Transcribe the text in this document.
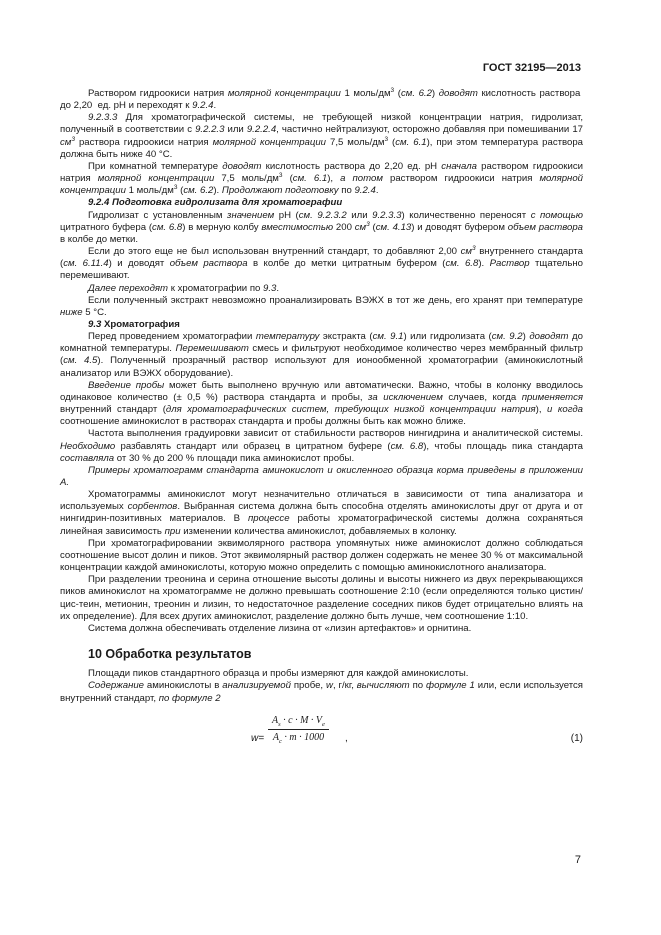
ГОСТ 32195—2013

Раствором гидроокиси натрия молярной концентрации 1 моль/$дм^3$ (см. 6.2) доводят кислотность раствора  до 2,20  ед. рН и переходят к 9.2.4.

9.2.3.3 Для хроматографической системы, не требующей низкой концентрации натрия, гидролизат, полученный в соответствии с 9.2.2.3 или 9.2.2.4, частично нейтрализуют, осторожно добавляя при помешивании 17 $см^3$ раствора гидроокиси натрия молярной концентрации 7,5 моль/$дм^3$ (см. 6.1), при этом температура раствора должна быть ниже 40 °С.

При комнатной температуре доводят кислотность раствора до 2,20 ед. рН сначала раствором гидроокиси натрия молярной концентрации 7,5 моль/$дм^3$ (см. 6.1), а потом раствором гидроокиси натрия молярной концентрации 1 моль/$дм^3$ (см. 6.2). Продолжают подготовку по 9.2.4.

9.2.4 Подготовка гидролизата для хроматографии

Гидролизат с установленным значением рН (см. 9.2.3.2 или 9.2.3.3) количественно переносят с помощью цитратного буфера (см. 6.8) в мерную колбу вместимостью 200 $см^3$ (см. 4.13) и доводят буфером объем раствора в колбе до метки.

Если до этого еще не был использован внутренний стандарт, то добавляют 2,00 $см^3$ внутреннего стандарта (см. 6.11.4) и доводят объем раствора в колбе до метки цитратным буфером (см. 6.8). Раствор тщательно перемешивают.

Далее переходят к хроматографии по 9.3.

Если полученный экстракт невозможно проанализировать ВЭЖХ в тот же день, его хранят при температуре ниже 5 °С.

9.3 Хроматография

Перед проведением хроматографии температуру экстракта (см. 9.1) или гидролизата (см. 9.2) доводят до комнатной температуры. Перемешивают смесь и фильтруют необходимое количество через мембранный фильтр (см. 4.5). Полученный прозрачный раствор используют для ионообменной хроматографии (аминокислотный анализатор или ВЭЖХ оборудование).

Введение пробы может быть выполнено вручную или автоматически. Важно, чтобы в колонку вводилось одинаковое количество (± 0,5 %) раствора стандарта и пробы, за исключением случаев, когда применяется внутренний стандарт (для хроматографических систем, требующих низкой концентрации натрия), и когда соотношение аминокислот в растворах стандарта и пробы должны быть как можно ближе.

Частота выполнения градуировки зависит от стабильности растворов нингидрина и аналитической системы. Необходимо разбавлять стандарт или образец в цитратном буфере (см. 6.8), чтобы площадь пика стандарта составляла от 30 % до 200 % площади пика аминокислот пробы.

Примеры хроматограмм стандарта аминокислот и окисленного образца корма приведены в приложении А.

Хроматограммы аминокислот могут незначительно отличаться в зависимости от типа анализатора и используемых сорбентов. Выбранная система должна быть способна отделять аминокислоты друг от друга и от нингидрин-позитивных материалов. В процессе работы хроматографической системы должна сохраняться линейная зависимость при изменении количества аминокислот, добавляемых в колонку.

При хроматографировании эквимолярного раствора упомянутых ниже аминокислот должно соблюдаться соотношение высот долин и пиков. Этот эквимолярный раствор должен содержать не менее 30 % от максимальной концентрации каждой аминокислоты, которую можно определить с помощью аминокислотного анализатора.

При разделении треонина и серина отношение высоты долины и высоты нижнего из двух перекрывающихся пиков аминокислот на хроматограмме не должно превышать соотношение 2:10 (если определяются только цистин/цис-теин, метионин, треонин и лизин, то недостаточное разделение соседних пиков будет отрицательно влиять на их определение). Для всех других аминокислот, разделение должно быть лучше, чем соотношение 1:10.

Система должна обеспечивать отделение лизина от «лизин артефактов» и орнитина.

10 Обработка результатов

Площади пиков стандартного образца и пробы измеряют для каждой аминокислоты.

Содержание аминокислоты в анализируемой пробе, w, г/кг, вычисляют по формуле 1 или, если используется внутренний стандарт, по формуле 2

$w= \frac{A_s \cdot c \cdot M \cdot V_e}{A_c \cdot m \cdot 1000}$ ,	(1)
7
